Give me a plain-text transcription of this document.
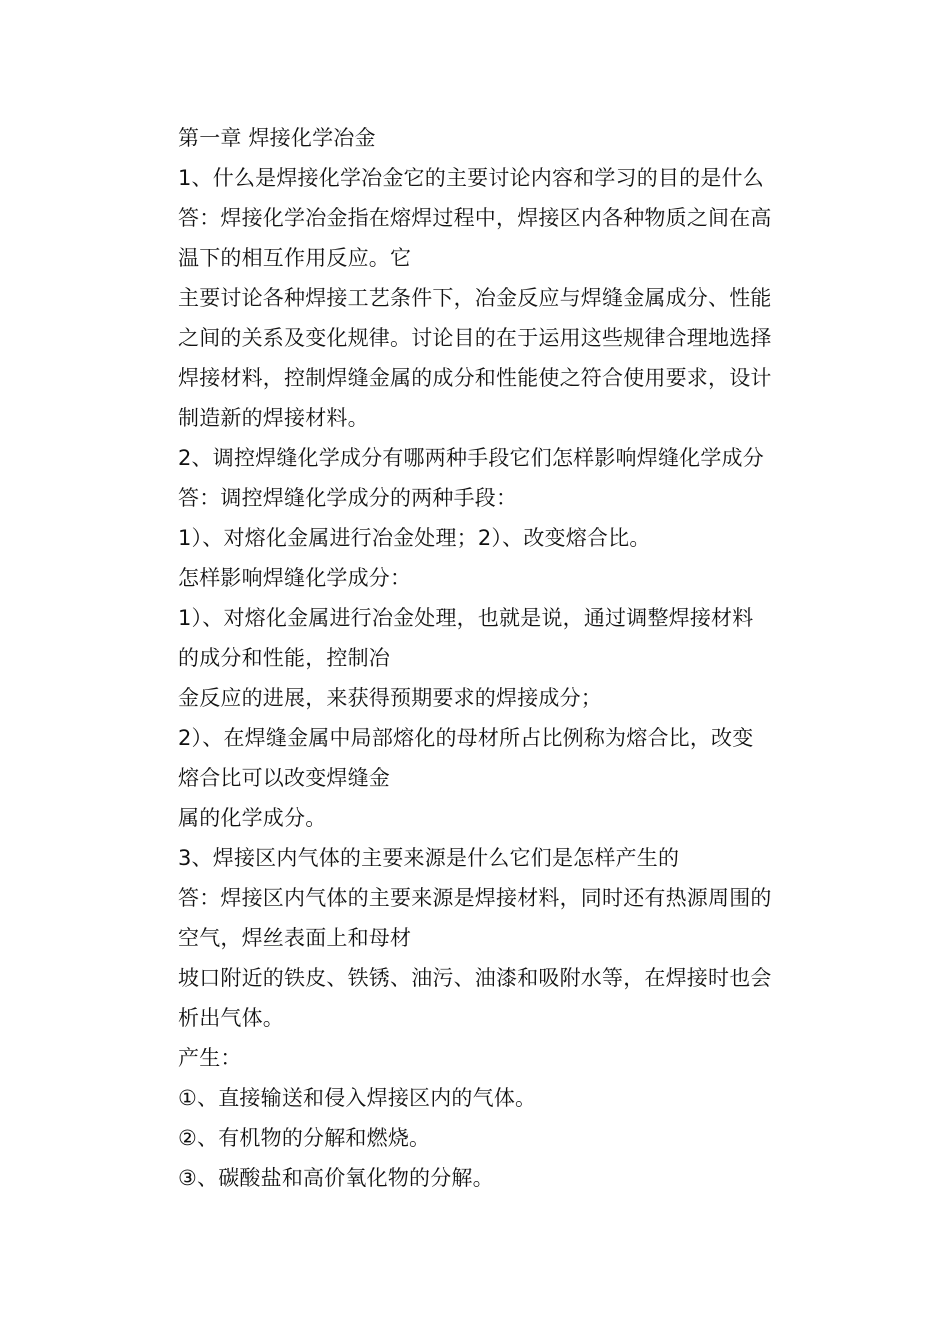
第一章 焊接化学冶金
1、什么是焊接化学冶金它的主要讨论内容和学习的目的是什么
答：焊接化学冶金指在熔焊过程中，焊接区内各种物质之间在高
温下的相互作用反应。它
主要讨论各种焊接工艺条件下，冶金反应与焊缝金属成分、性能
之间的关系及变化规律。讨论目的在于运用这些规律合理地选择
焊接材料，控制焊缝金属的成分和性能使之符合使用要求，设计
制造新的焊接材料。
2、调控焊缝化学成分有哪两种手段它们怎样影响焊缝化学成分
答：调控焊缝化学成分的两种手段：
1）、对熔化金属进行冶金处理；2）、改变熔合比。
怎样影响焊缝化学成分：
1）、对熔化金属进行冶金处理，也就是说，通过调整焊接材料
的成分和性能，控制冶
金反应的进展，来获得预期要求的焊接成分；
2）、在焊缝金属中局部熔化的母材所占比例称为熔合比，改变
熔合比可以改变焊缝金
属的化学成分。
3、焊接区内气体的主要来源是什么它们是怎样产生的
答：焊接区内气体的主要来源是焊接材料，同时还有热源周围的
空气，焊丝表面上和母材
坡口附近的铁皮、铁锈、油污、油漆和吸附水等，在焊接时也会
析出气体。
产生：
①、直接输送和侵入焊接区内的气体。
②、有机物的分解和燃烧。
③、碳酸盐和高价氧化物的分解。
